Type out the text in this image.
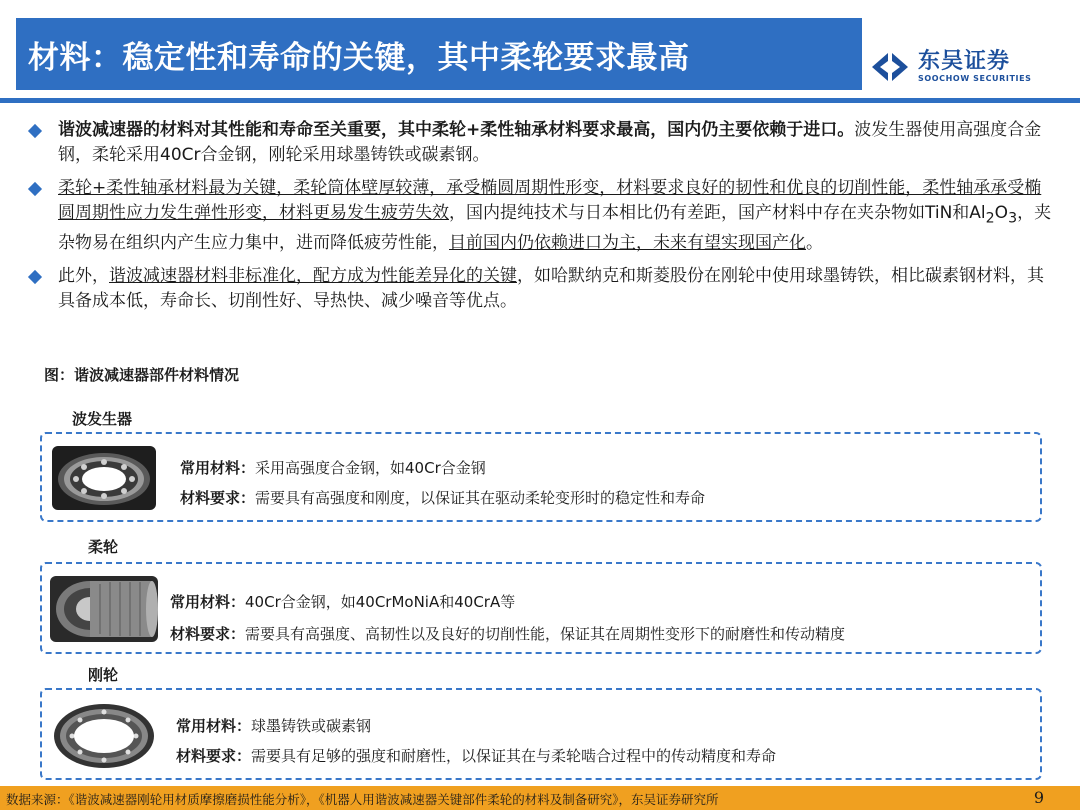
材料：稳定性和寿命的关键，其中柔轮要求最高	东吴证券
SOOCHOW SECURITIES
谐波减速器的材料对其性能和寿命至关重要，其中柔轮+柔性轴承材料要求最高，国内仍主要依赖于进口。波发生器使用高强度合金钢，柔轮采用40Cr合金钢，刚轮采用球墨铸铁或碳素钢。
柔轮+柔性轴承材料最为关键，柔轮筒体壁厚较薄，承受椭圆周期性形变，材料要求良好的韧性和优良的切削性能，柔性轴承承受椭圆周期性应力发生弹性形变，材料更易发生疲劳失效，国内提纯技术与日本相比仍有差距，国产材料中存在夹杂物如TiN和$Al_2O_3$，夹杂物易在组织内产生应力集中，进而降低疲劳性能，目前国内仍依赖进口为主，未来有望实现国产化。
此外，谐波减速器材料非标准化，配方成为性能差异化的关键，如哈默纳克和斯菱股份在刚轮中使用球墨铸铁，相比碳素钢材料，其具备成本低，寿命长、切削性好、导热快、减少噪音等优点。
图：谐波减速器部件材料情况
波发生器
常用材料：采用高强度合金钢，如40Cr合金钢
材料要求：需要具有高强度和刚度，以保证其在驱动柔轮变形时的稳定性和寿命
柔轮
常用材料：40Cr合金钢，如40CrMoNiA和40CrA等
材料要求：需要具有高强度、高韧性以及良好的切削性能，保证其在周期性变形下的耐磨性和传动精度
刚轮
常用材料：球墨铸铁或碳素钢
材料要求：需要具有足够的强度和耐磨性，以保证其在与柔轮啮合过程中的传动精度和寿命
数据来源：《谐波减速器刚轮用材质摩擦磨损性能分析》，《机器人用谐波减速器关键部件柔轮的材料及制备研究》，东吴证券研究所	9
